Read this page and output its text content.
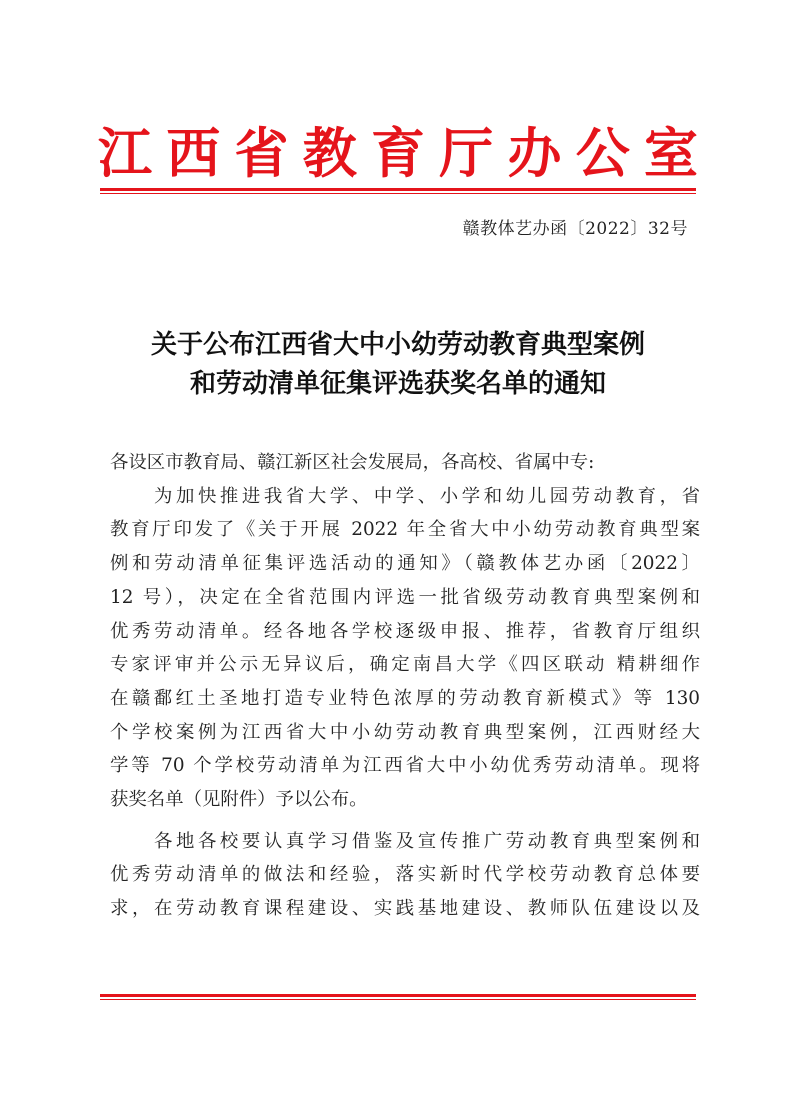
江 西 省 教 育 厅 办 公 室
赣教体艺办函〔2022〕32号
关于公布江西省大中小幼劳动教育典型案例
和劳动清单征集评选获奖名单的通知

各设区市教育局、赣江新区社会发展局，各高校、省属中专:

　　为加快推进我省大学、中学、小学和幼儿园劳动教育，省

教育厅印发了《关于开展 2022 年全省大中小幼劳动教育典型案

例和劳动清单征集评选活动的通知》（赣教体艺办函〔2022〕

12 号），决定在全省范围内评选一批省级劳动教育典型案例和

优秀劳动清单。经各地各学校逐级申报、推荐，省教育厅组织

专家评审并公示无异议后，确定南昌大学《四区联动 精耕细作

在赣鄱红土圣地打造专业特色浓厚的劳动教育新模式》等 130

个学校案例为江西省大中小幼劳动教育典型案例，江西财经大

学等 70 个学校劳动清单为江西省大中小幼优秀劳动清单。现将

获奖名单（见附件）予以公布。

　　各地各校要认真学习借鉴及宣传推广劳动教育典型案例和

优秀劳动清单的做法和经验，落实新时代学校劳动教育总体要

求，在劳动教育课程建设、实践基地建设、教师队伍建设以及
